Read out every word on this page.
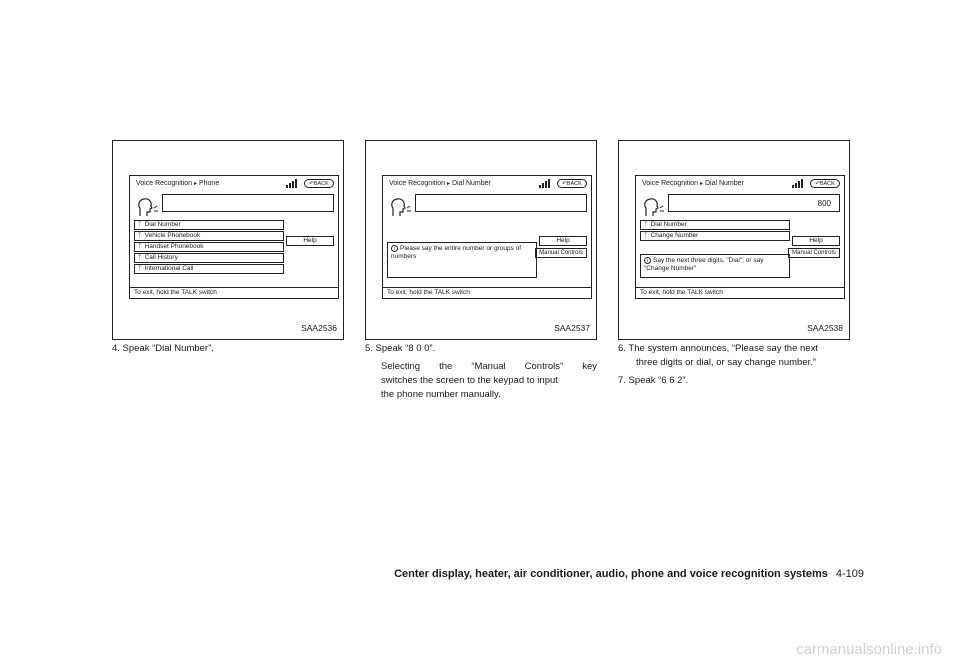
Voice Recognition ▸ Phone	↶BACK
ᛉ Dial Number
ᛉ Vehicle Phonebook
ᛉ Handset Phonebook
ᛉ Call History
ᛉ International Call
Help
To exit, hold the TALK switch
SAA2536
Voice Recognition ▸ Dial Number	↶BACK
i Please say the entire number or groups of numbers
Help
Manual Controls
To exit, hold the TALK switch
SAA2537
Voice Recognition ▸ Dial Number	↶BACK
800
ᛉ Dial Number
ᛉ Change Number
i Say the next three digits, "Dial", or say "Change Number"
Help
Manual Controls
To exit, hold the TALK switch
SAA2538
4. Speak “Dial Number”.	5. Speak “8 0 0”.
Selecting the “Manual Controls” key
switches the screen to the keypad to input
the phone number manually.
6. The system announces, “Please say the next
three digits or dial, or say change number.”
7. Speak “6 6 2”.
Center display, heater, air conditioner, audio, phone and voice recognition systems 4-109
carmanualsonline.info
